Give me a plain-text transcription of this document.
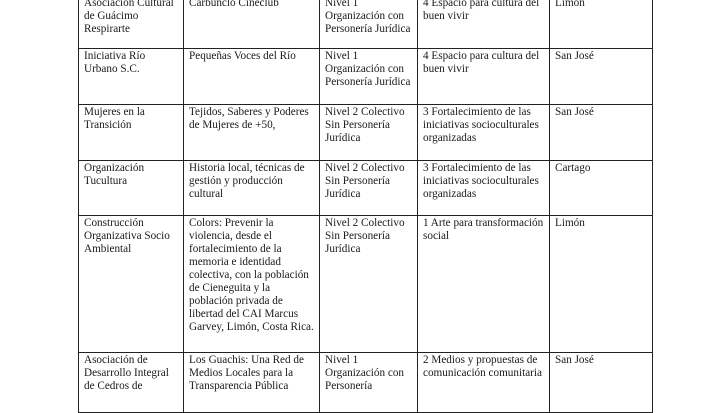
Asociación Cultural de Guácimo Respirarte	Carbunclo Cineclub	Nivel 1 Organización con Personería Jurídica	4 Espacio para cultura del buen vivir	Limón
Iniciativa Río Urbano S.C.	Pequeñas Voces del Río	Nivel 1 Organización con Personería Jurídica	4 Espacio para cultura del buen vivir	San José
Mujeres en la Transición	Tejidos, Saberes y Poderes de Mujeres de +50,	Nivel 2 Colectivo Sin Personería Jurídica	3 Fortalecimiento de las iniciativas socioculturales organizadas	San José
Organización Tucultura	Historia local, técnicas de gestión y producción cultural	Nivel 2 Colectivo Sin Personería Jurídica	3 Fortalecimiento de las iniciativas socioculturales organizadas	Cartago
Construcción Organizativa Socio Ambiental	Colors: Prevenir la violencia, desde el fortalecimiento de la memoria e identidad colectiva, con la población de Cieneguita y la población privada de libertad del CAI Marcus Garvey, Limón, Costa Rica.	Nivel 2 Colectivo Sin Personería Jurídica	1 Arte para transformación social	Limón
Asociación de Desarrollo Integral de Cedros de	Los Guachis: Una Red de Medios Locales para la Transparencia Pública	Nivel 1 Organización con Personería	2 Medios y propuestas de comunicación comunitaria	San José
